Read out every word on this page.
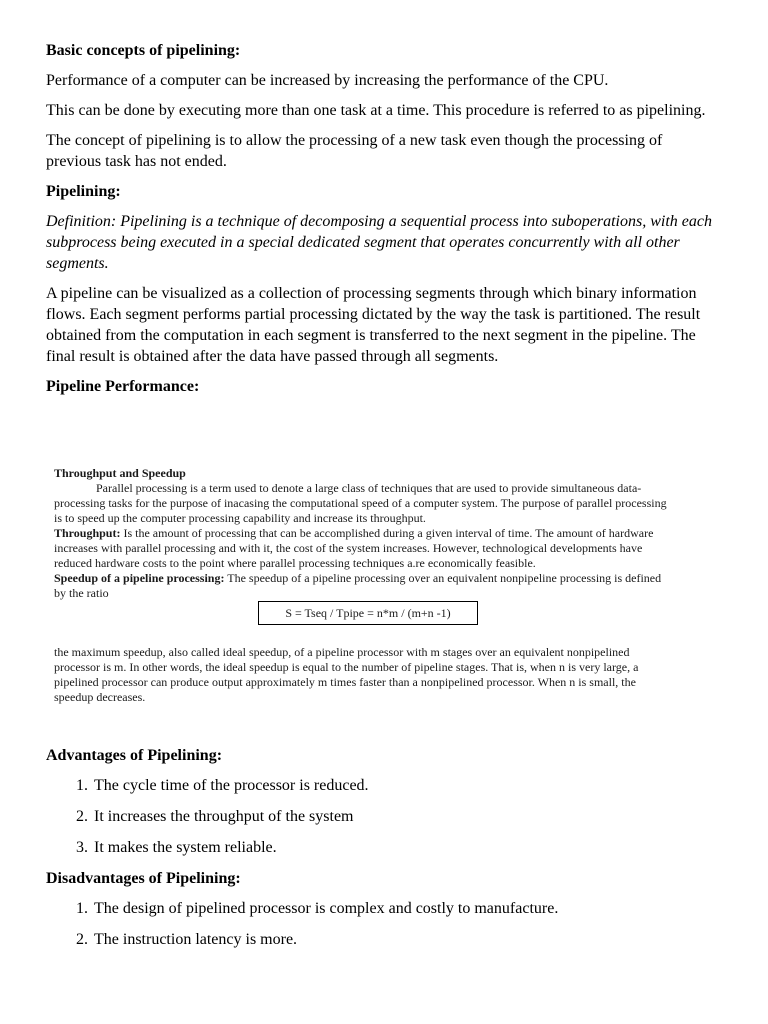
Basic concepts of pipelining:
Performance of a computer can be increased by increasing the performance of the CPU.
This can be done by executing more than one task at a time. This procedure is referred to as pipelining.
The concept of pipelining is to allow the processing of a new task even though the processing of previous task has not ended.
Pipelining:
Definition: Pipelining is a technique of decomposing a sequential process into suboperations, with each subprocess being executed in a special dedicated segment that operates concurrently with all other segments.
A pipeline can be visualized as a collection of processing segments through which binary information flows. Each segment performs partial processing dictated by the way the task is partitioned. The result obtained from the computation in each segment is transferred to the next segment in the pipeline. The final result is obtained after the data have passed through all segments.
Pipeline Performance:
Throughput and Speedup
Parallel processing is a term used to denote a large class of techniques that are used to provide simultaneous data-processing tasks for the purpose of inacasing the computational speed of a computer system. The purpose of parallel processing is to speed up the computer processing capability and increase its throughput.
Throughput: Is the amount of processing that can be accomplished during a given interval of time. The amount of hardware increases with parallel processing and with it, the cost of the system increases. However, technological developments have reduced hardware costs to the point where parallel processing techniques a.re economically feasible.
Speedup of a pipeline processing: The speedup of a pipeline processing over an equivalent nonpipeline processing is defined by the ratio
S = Tseq / Tpipe = n*m / (m+n -1)
the maximum speedup, also called ideal speedup, of a pipeline processor with m stages over an equivalent nonpipelined processor is m. In other words, the ideal speedup is equal to the number of pipeline stages. That is, when n is very large, a pipelined processor can produce output approximately m times faster than a nonpipelined processor. When n is small, the speedup decreases.
Advantages of Pipelining:
1. The cycle time of the processor is reduced.
2. It increases the throughput of the system
3. It makes the system reliable.
Disadvantages of Pipelining:
1. The design of pipelined processor is complex and costly to manufacture.
2. The instruction latency is more.
